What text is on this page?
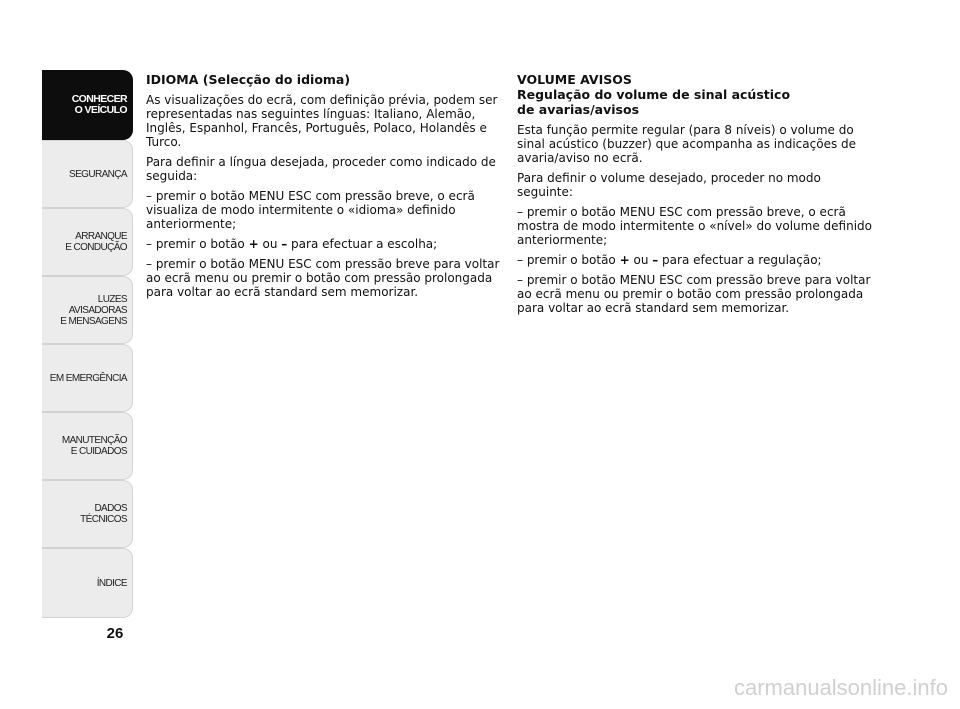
CONHECER
O VEÍCULO
SEGURANÇA
ARRANQUE
E CONDUÇÃO
LUZES
AVISADORAS
E MENSAGENS
EM EMERGÊNCIA
MANUTENÇÃO
E CUIDADOS
DADOS
TÉCNICOS
ÍNDICE
26
IDIOMA (Selecção do idioma)

As visualizações do ecrã, com definição prévia, podem ser representadas nas seguintes línguas: Italiano, Alemão, Inglês, Espanhol, Francês, Português, Polaco, Holandês e Turco.

Para definir a língua desejada, proceder como indicado de seguida:

– premir o botão MENU ESC com pressão breve, o ecrã visualiza de modo intermitente o «idioma» definido anteriormente;

– premir o botão + ou – para efectuar a escolha;

– premir o botão MENU ESC com pressão breve para voltar ao ecrã menu ou premir o botão com pressão prolongada para voltar ao ecrã standard sem memorizar.

VOLUME AVISOS
Regulação do volume de sinal acústico
de avarias/avisos

Esta função permite regular (para 8 níveis) o volume do sinal acústico (buzzer) que acompanha as indicações de avaria/aviso no ecrã.

Para definir o volume desejado, proceder no modo seguinte:

– premir o botão MENU ESC com pressão breve, o ecrã mostra de modo intermitente o «nível» do volume definido anteriormente;

– premir o botão + ou – para efectuar a regulação;

– premir o botão MENU ESC com pressão breve para voltar ao ecrã menu ou premir o botão com pressão prolongada para voltar ao ecrã standard sem memorizar.

carmanualsonline.info
